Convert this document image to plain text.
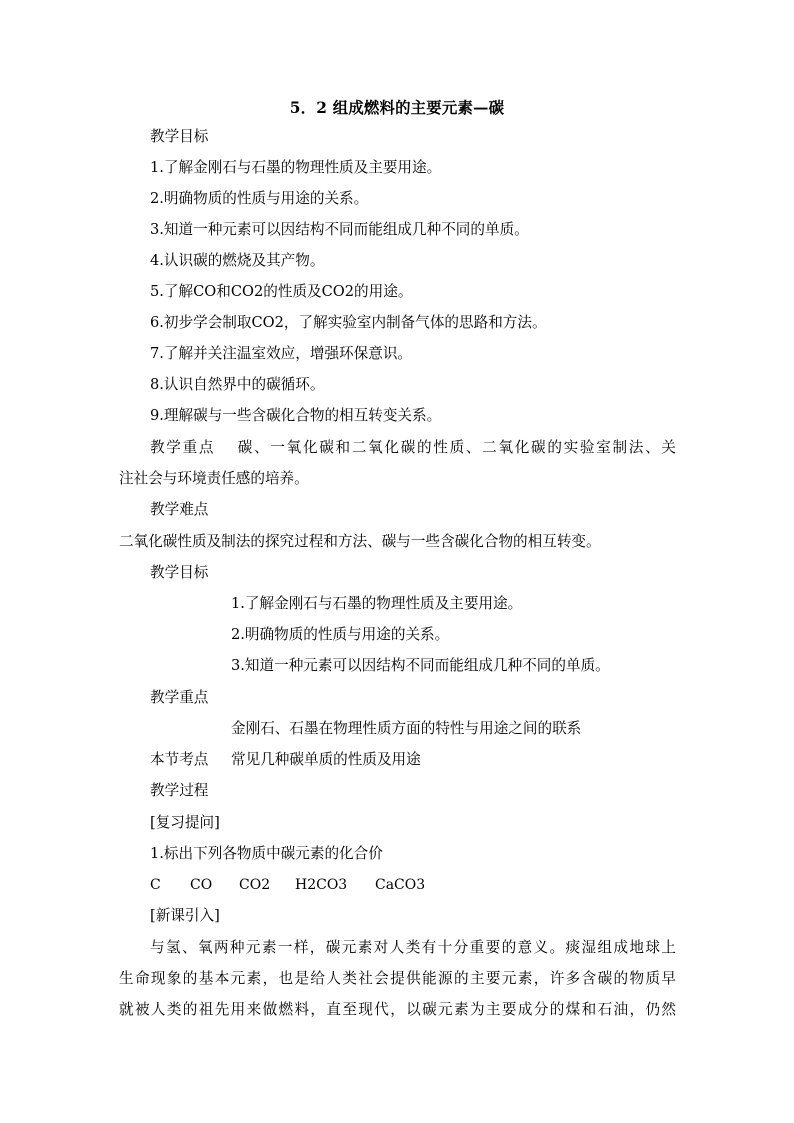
5．2 组成燃料的主要元素—碳
教学目标
1.了解金刚石与石墨的物理性质及主要用途。
2.明确物质的性质与用途的关系。
3.知道一种元素可以因结构不同而能组成几种不同的单质。
4.认识碳的燃烧及其产物。
5.了解CO和CO2的性质及CO2的用途。
6.初步学会制取CO2，了解实验室内制备气体的思路和方法。
7.了解并关注温室效应，增强环保意识。
8.认识自然界中的碳循环。
9.理解碳与一些含碳化合物的相互转变关系。
教学重点　 碳、一氧化碳和二氧化碳的性质、二氧化碳的实验室制法、关
注社会与环境责任感的培养。
教学难点
二氧化碳性质及制法的探究过程和方法、碳与一些含碳化合物的相互转变。
教学目标
1.了解金刚石与石墨的物理性质及主要用途。
2.明确物质的性质与用途的关系。
3.知道一种元素可以因结构不同而能组成几种不同的单质。
教学重点
金刚石、石墨在物理性质方面的特性与用途之间的联系
本节考点 常见几种碳单质的性质及用途
教学过程
[复习提问]
1.标出下列各物质中碳元素的化合价
C CO CO2 H2CO3 CaCO3
[新课引入]
与氢、氧两种元素一样，碳元素对人类有十分重要的意义。痰湿组成地球上
生命现象的基本元素，也是给人类社会提供能源的主要元素，许多含碳的物质早
就被人类的祖先用来做燃料，直至现代，以碳元素为主要成分的煤和石油，仍然
